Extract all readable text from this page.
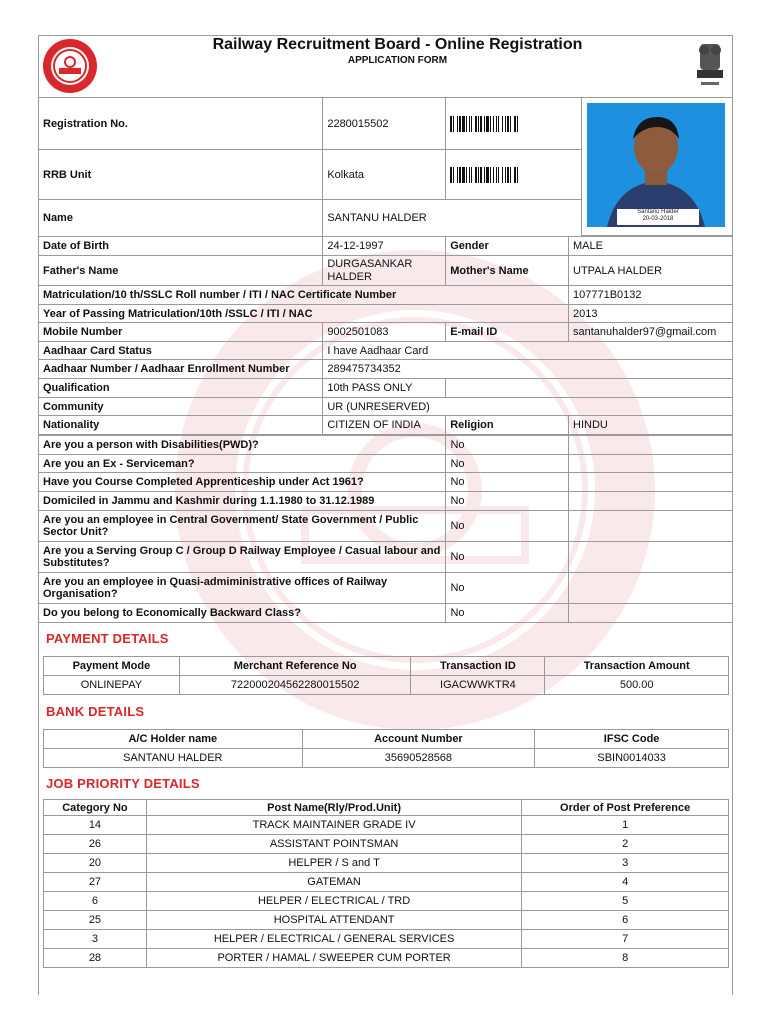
Railway Recruitment Board - Online Registration
APPLICATION FORM
Registration No.	2280015502	

RRB Unit	Kolkata	

Name	SANTANU HALDER		Santanu Halder
20-03-2018
Date of Birth	24-12-1997	Gender	MALE
Father's Name	DURGASANKAR HALDER	Mother's Name	UTPALA HALDER
Matriculation/10 th/SSLC Roll number / ITI / NAC Certificate Number			107771B0132
Year of Passing Matriculation/10th /SSLC / ITI / NAC			2013
Mobile Number	9002501083	E-mail ID	santanuhalder97@gmail.com
Aadhaar Card Status	I have Aadhaar Card		
Aadhaar Number / Aadhaar Enrollment Number	289475734352		
Qualification	10th PASS ONLY		
Community	UR (UNRESERVED)		
Nationality	CITIZEN OF INDIA	Religion	HINDU
Are you a person with Disabilities(PWD)?	No	
Are you an Ex - Serviceman?	No	
Have you Course Completed Apprenticeship under Act 1961?	No	
Domiciled in Jammu and Kashmir during 1.1.1980 to 31.12.1989	No	
Are you an employee in Central Government/ State Government / Public Sector Unit?	No	
Are you a Serving Group C / Group D Railway Employee / Casual labour and Substitutes?	No	
Are you an employee in Quasi-admiministrative offices of Railway Organisation?	No	
Do you belong to Economically Backward Class?	No	
PAYMENT DETAILS
Payment Mode	Merchant Reference No	Transaction ID	Transaction Amount
ONLINEPAY	722000204562280015502	IGACWWKTR4	500.00
BANK DETAILS
A/C Holder name	Account Number	IFSC Code
SANTANU HALDER	35690528568	SBIN0014033
JOB PRIORITY DETAILS
Category No	Post Name(Rly/Prod.Unit)	Order of Post Preference
14	TRACK MAINTAINER GRADE IV	1
26	ASSISTANT POINTSMAN	2
20	HELPER / S and T	3
27	GATEMAN	4
6	HELPER / ELECTRICAL / TRD	5
25	HOSPITAL ATTENDANT	6
3	HELPER / ELECTRICAL / GENERAL SERVICES	7
28	PORTER / HAMAL / SWEEPER CUM PORTER	8
